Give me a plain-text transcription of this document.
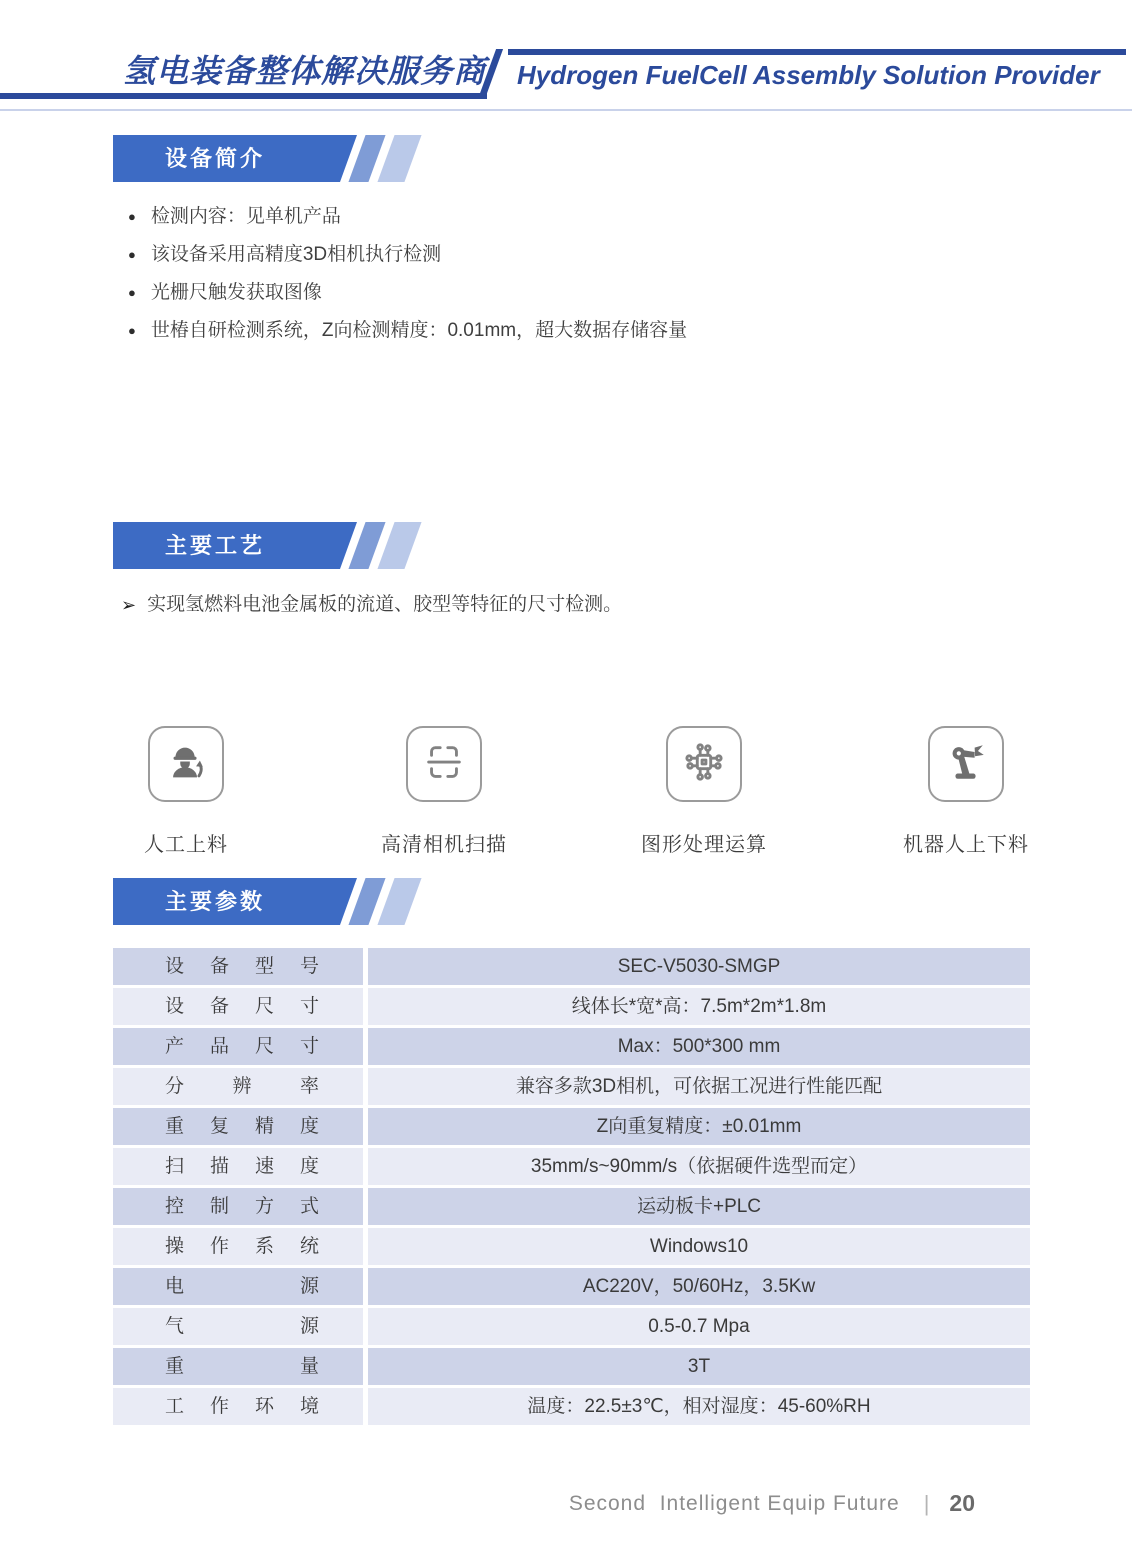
氢电装备整体解决服务商 Hydrogen FuelCell Assembly Solution Provider
设备简介
● 检测内容：见单机产品
● 该设备采用高精度3D相机执行检测
● 光栅尺触发获取图像
● 世椿自研检测系统，Z向检测精度：0.01mm，超大数据存储容量
主要工艺
➢ 实现氢燃料电池金属板的流道、胶型等特征的尺寸检测。
人工上料	高清相机扫描	图形处理运算	机器人上下料
主要参数
设 备 型 号	SEC-V5030-SMGP
设 备 尺 寸	线体长*宽*高：7.5m*2m*1.8m
产 品 尺 寸	Max：500*300 mm
分 辨 率	兼容多款3D相机，可依据工况进行性能匹配
重 复 精 度	Z向重复精度：±0.01mm
扫 描 速 度	35mm/s~90mm/s（依据硬件选型而定）
控 制 方 式	运动板卡+PLC
操 作 系 统	Windows10
电 源	AC220V，50/60Hz，3.5Kw
气 源	0.5-0.7 Mpa
重 量	3T
工 作 环 境	温度：22.5±3℃，相对湿度：45-60%RH
Second  Intelligent Equip Future | 20
